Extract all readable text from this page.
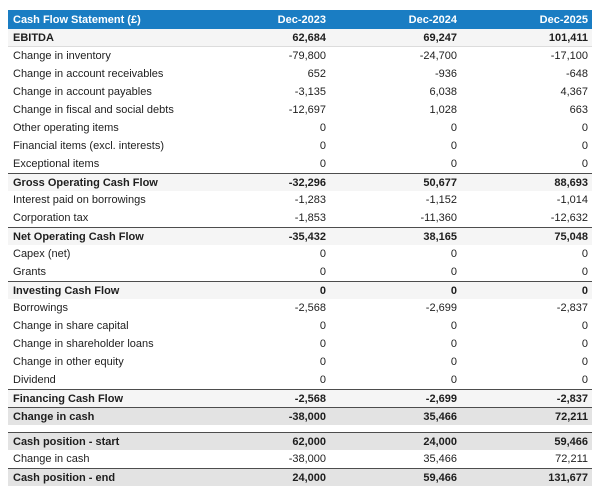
Cash Flow Statement (£)	Dec-2023	Dec-2024	Dec-2025
EBITDA	62,684	69,247	101,411
Change in inventory	-79,800	-24,700	-17,100
Change in account receivables	652	-936	-648
Change in account payables	-3,135	6,038	4,367
Change in fiscal and social debts	-12,697	1,028	663
Other operating items	0	0	0
Financial items (excl. interests)	0	0	0
Exceptional items	0	0	0
Gross Operating Cash Flow	-32,296	50,677	88,693
Interest paid on borrowings	-1,283	-1,152	-1,014
Corporation tax	-1,853	-11,360	-12,632
Net Operating Cash Flow	-35,432	38,165	75,048
Capex (net)	0	0	0
Grants	0	0	0
Investing Cash Flow	0	0	0
Borrowings	-2,568	-2,699	-2,837
Change in share capital	0	0	0
Change in shareholder loans	0	0	0
Change in other equity	0	0	0
Dividend	0	0	0
Financing Cash Flow	-2,568	-2,699	-2,837
Change in cash	-38,000	35,466	72,211
Cash position - start	62,000	24,000	59,466
Change in cash	-38,000	35,466	72,211
Cash position - end	24,000	59,466	131,677
